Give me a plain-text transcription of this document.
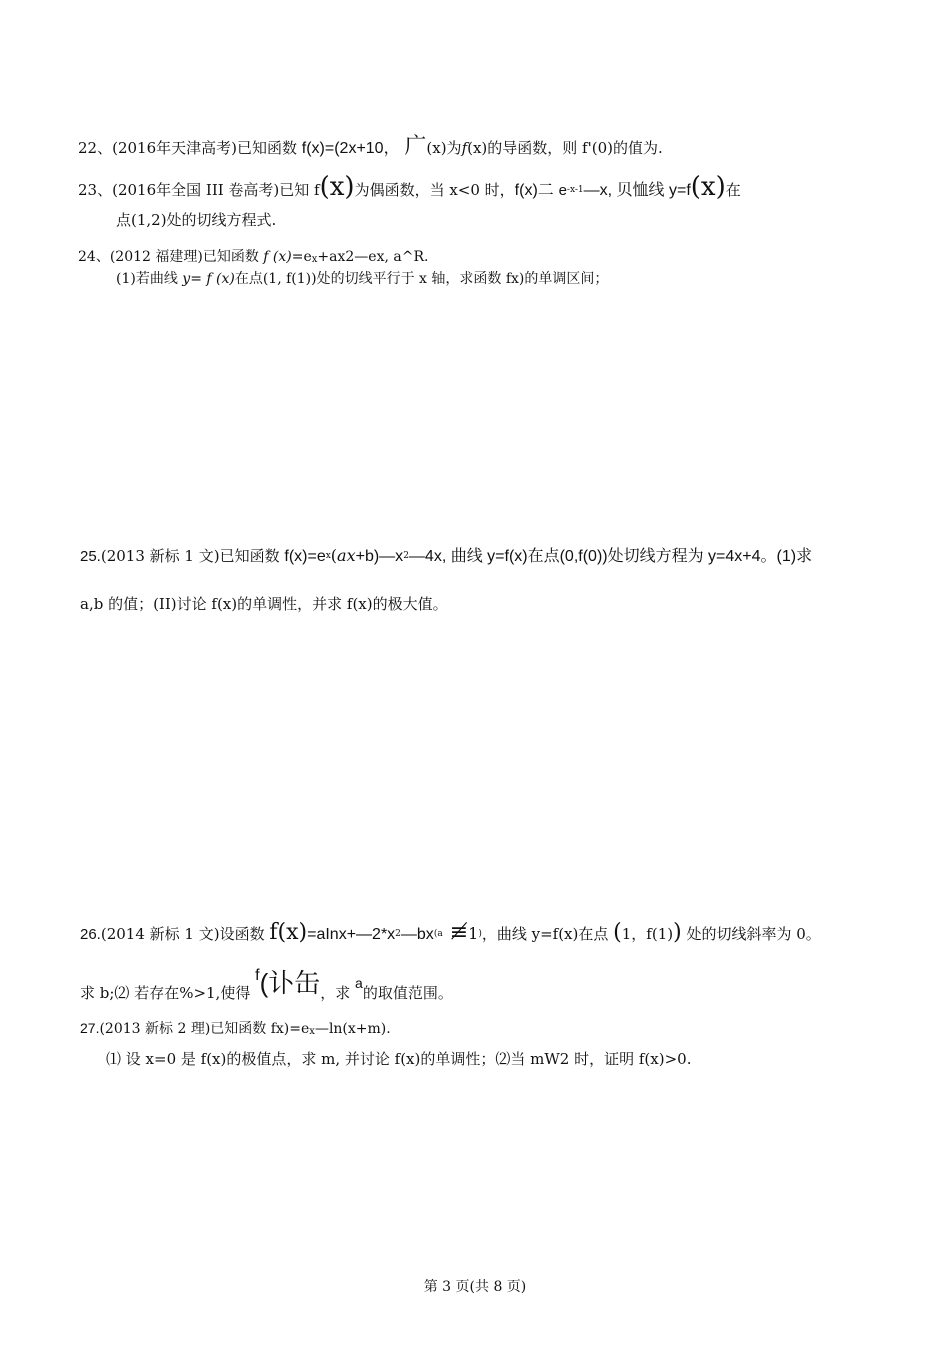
22、(2016年天津高考)已知函数 f(x)=(2x+10， 广(x)为f(x)的导函数，则 f'(0)的值为.
23、(2016年全国 III 卷高考)已知 f(x)为偶函数，当 x<0 时，f(x)二 $e^{-x-1}—x$, 贝恤线 y=f(x)在
点(1,2)处的切线方程式.
24、(2012 福建理)已知函数 f (x)=ex+ax2—ex, a^R.
(1)若曲线 y= f (x)在点(1, f(1))处的切线平行于 x 轴，求函数 fx)的单调区间；
25.(2013 新标 1 文)已知函数 $f(x)=e^x(ax+b)—x^2—4x$, 曲线 y=f(x)在点(0,f(0))处切线方程为 y=4x+4。(1)求
a,b 的值；(II)讨论 f(x)的单调性，并求 f(x)的极大值。
26.(2014 新标 1 文)设函数 $f(x)=aInx+—2*x^2—bx^{(a}$ ≢1)，曲线 y=f(x)在点 (1，f(1)) 处的切线斜率为 0。
求 b;⑵ 若存在%>1,使得 f(讣缶，求 a的取值范围。
27.(2013 新标 2 理)已知函数 fx)=ex—ln(x+m).
⑴ 设 x=0 是 f(x)的极值点，求 m, 并讨论 f(x)的单调性；⑵当 mW2 时，证明 f(x)>0.
第 3 页(共 8 页)
